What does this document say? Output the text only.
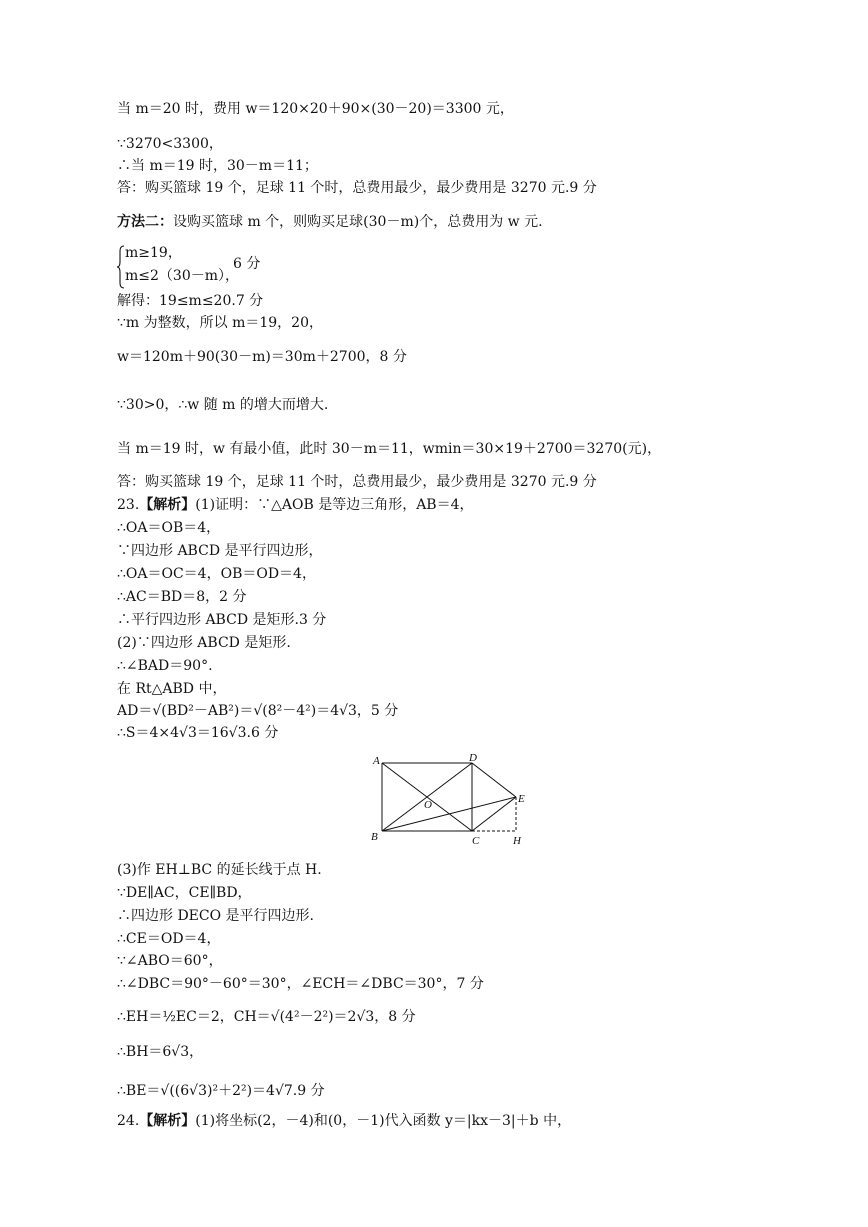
当 m＝20 时，费用 w＝120×20＋90×(30－20)＝3300 元，
∵3270<3300，
∴当 m＝19 时，30－m＝11；
答：购买篮球 19 个，足球 11 个时，总费用最少，最少费用是 3270 元.9 分
方法二：设购买篮球 m 个，则购买足球(30－m)个，总费用为 w 元.
m≥19，
m≤2（30－m），
6 分
解得：19≤m≤20.7 分
∵m 为整数，所以 m＝19，20，
w＝120m＋90(30－m)＝30m＋2700，8 分
∵30>0，∴w 随 m 的增大而增大.
当 m＝19 时，w 有最小值，此时 30－m＝11，wmin＝30×19＋2700＝3270(元)，
答：购买篮球 19 个，足球 11 个时，总费用最少，最少费用是 3270 元.9 分
23.【解析】(1)证明：∵△AOB 是等边三角形，AB＝4，
∴OA＝OB＝4，
∵四边形 ABCD 是平行四边形，
∴OA＝OC＝4，OB＝OD＝4，
∴AC＝BD＝8，2 分
∴平行四边形 ABCD 是矩形.3 分
(2)∵四边形 ABCD 是矩形.
∴∠BAD＝90°.
在 Rt△ABD 中，
AD＝√(BD²－AB²)＝√(8²－4²)＝4√3，5 分
∴S＝4×4√3＝16√3.6 分
A	D
O	E
B	C	H
(3)作 EH⊥BC 的延长线于点 H.
∵DE∥AC，CE∥BD，
∴四边形 DECO 是平行四边形.
∴CE＝OD＝4，
∵∠ABO＝60°，
∴∠DBC＝90°－60°＝30°，∠ECH＝∠DBC＝30°，7 分
∴EH＝½EC＝2，CH＝√(4²－2²)＝2√3，8 分
∴BH＝6√3，
∴BE＝√((6√3)²＋2²)＝4√7.9 分
24.【解析】(1)将坐标(2，－4)和(0，－1)代入函数 y＝|kx－3|＋b 中，
